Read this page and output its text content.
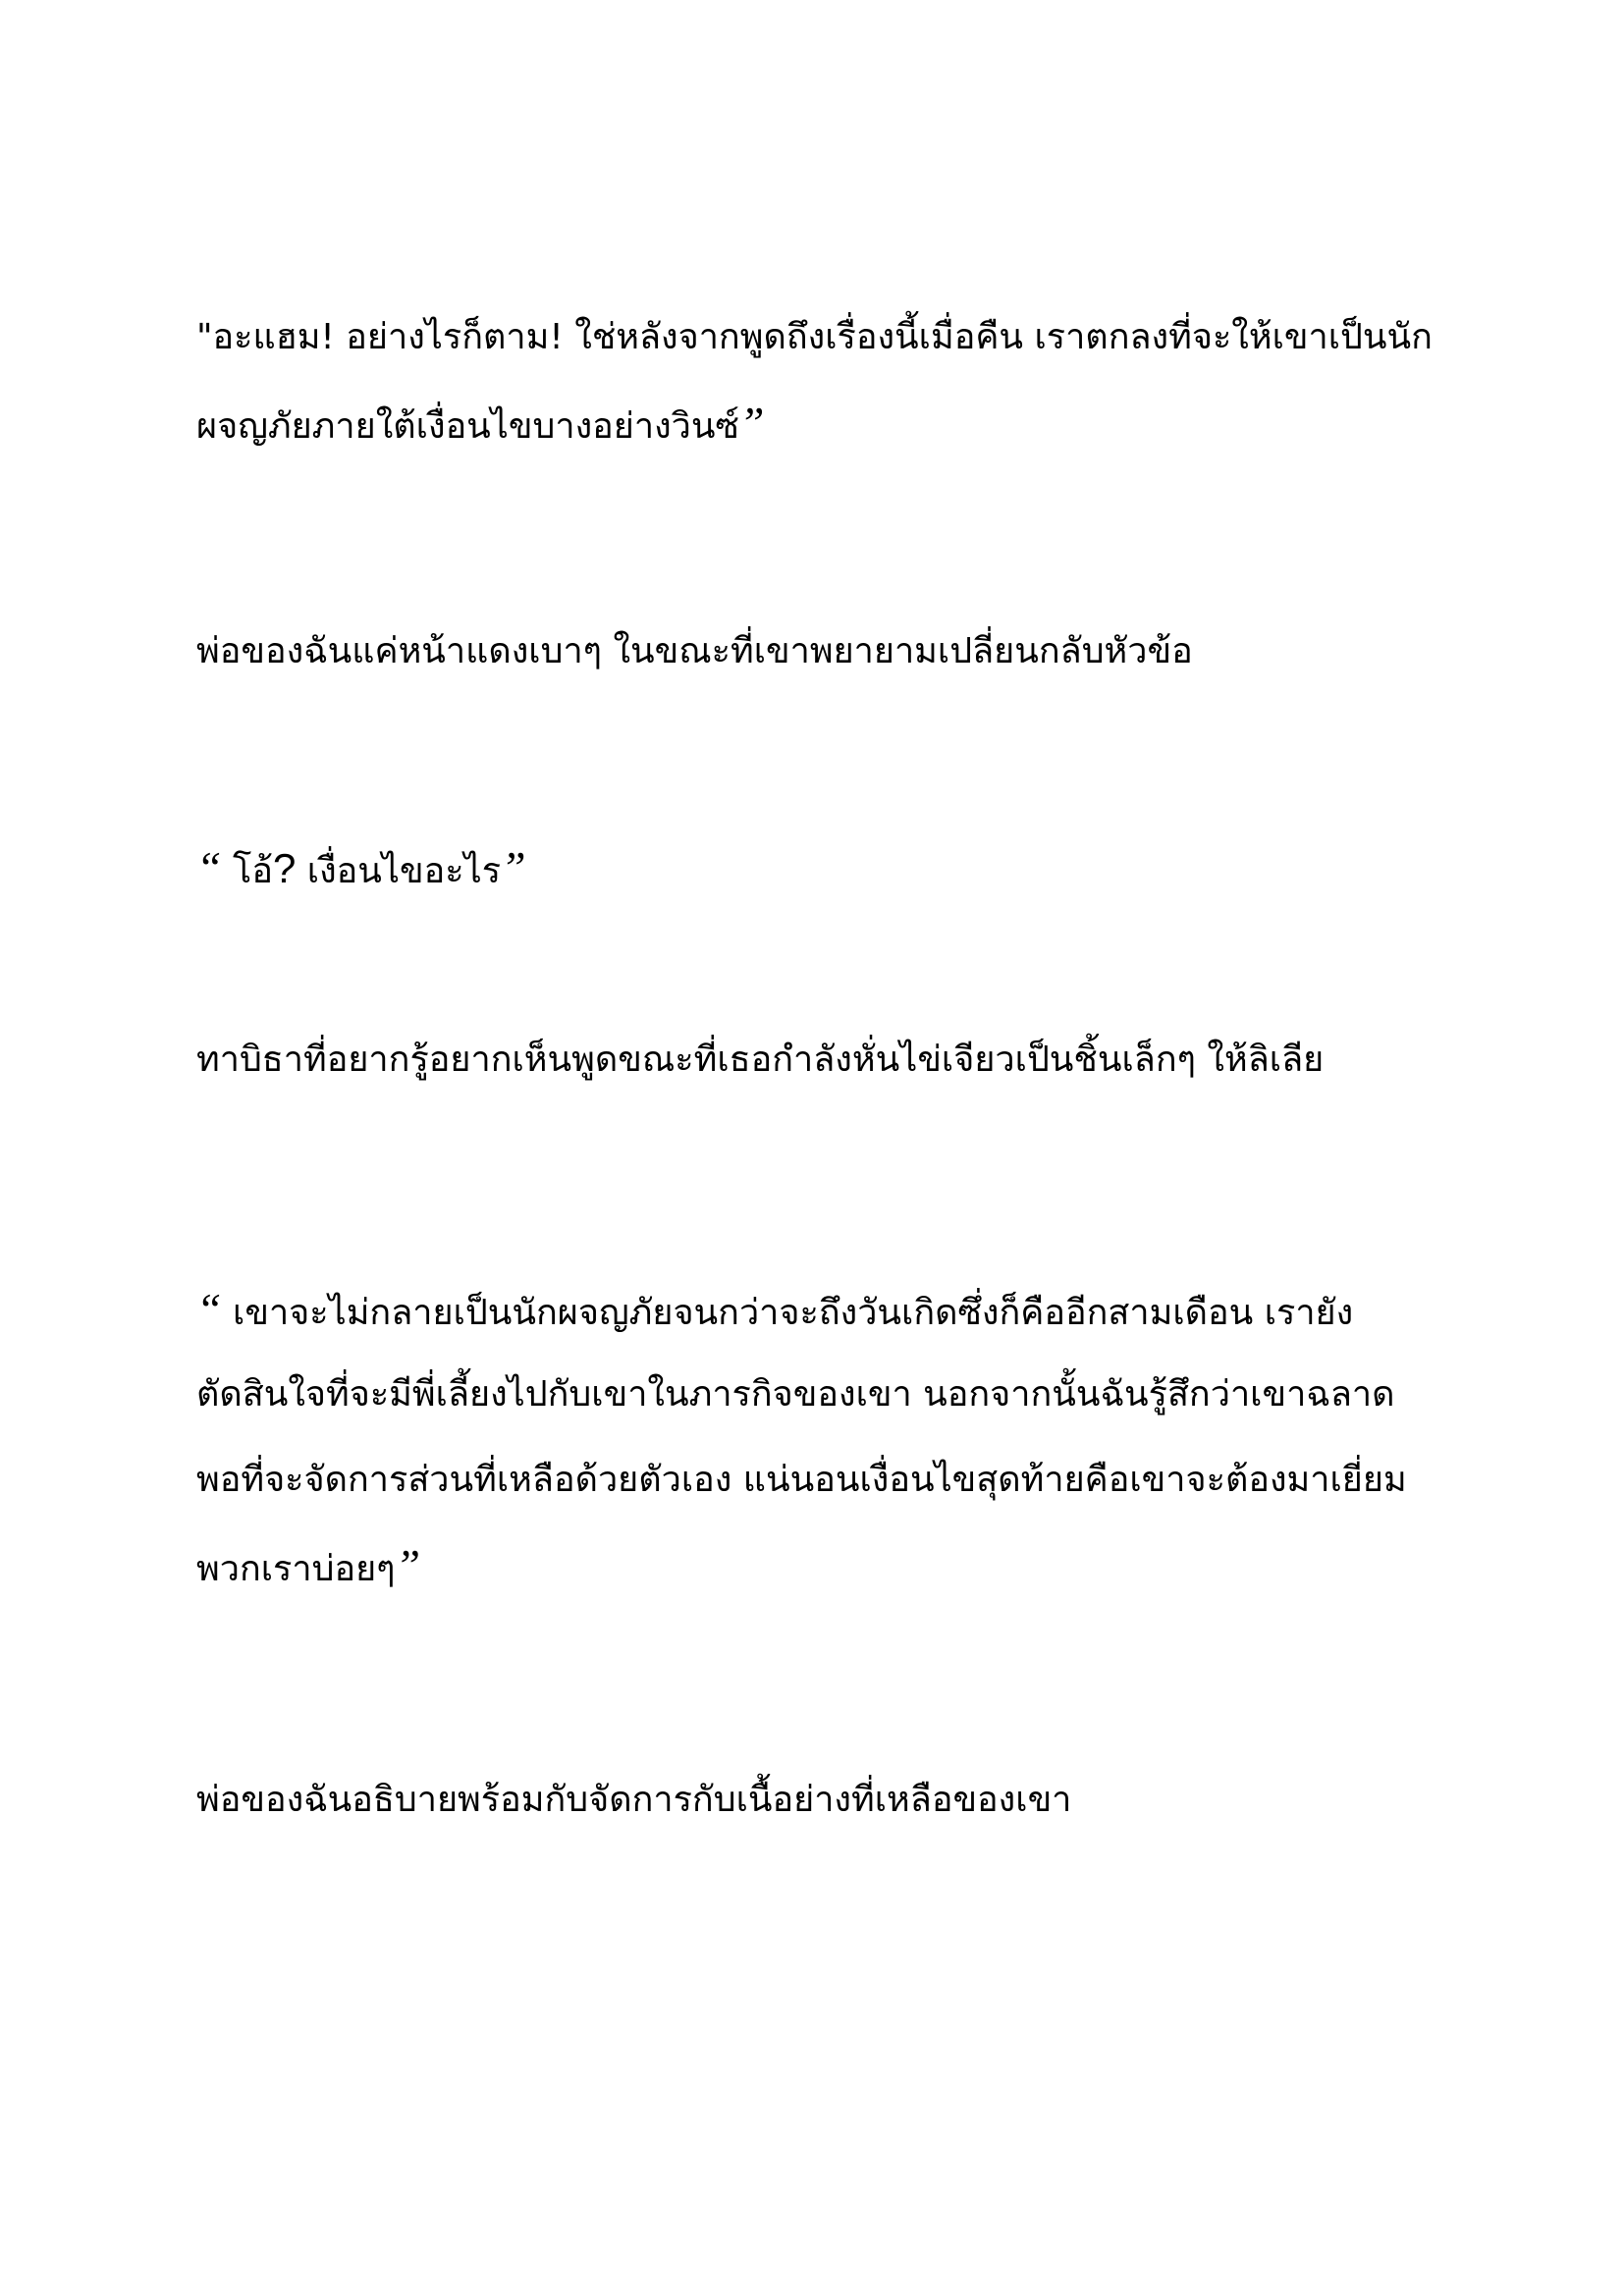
"อะแฮม! อย่างไรก็ตาม! ใช่หลังจากพูดถึงเรื่องนี้เมื่อคืน เราตกลงที่จะให้เขาเป็นนัก
ผจญภัยภายใต้เงื่อนไขบางอย่างวินซ์”

พ่อของฉันแค่หน้าแดงเบาๆ ในขณะที่เขาพยายามเปลี่ยนกลับหัวข้อ

“ โอ้? เงื่อนไขอะไร”

ทาบิธาที่อยากรู้อยากเห็นพูดขณะที่เธอกำลังหั่นไข่เจียวเป็นชิ้นเล็กๆ ให้ลิเลีย

“ เขาจะไม่กลายเป็นนักผจญภัยจนกว่าจะถึงวันเกิดซึ่งก็คืออีกสามเดือน เรายัง
ตัดสินใจที่จะมีพี่เลี้ยงไปกับเขาในภารกิจของเขา นอกจากนั้นฉันรู้สึกว่าเขาฉลาด
พอที่จะจัดการส่วนที่เหลือด้วยตัวเอง แน่นอนเงื่อนไขสุดท้ายคือเขาจะต้องมาเยี่ยม
พวกเราบ่อยๆ”

พ่อของฉันอธิบายพร้อมกับจัดการกับเนื้อย่างที่เหลือของเขา
